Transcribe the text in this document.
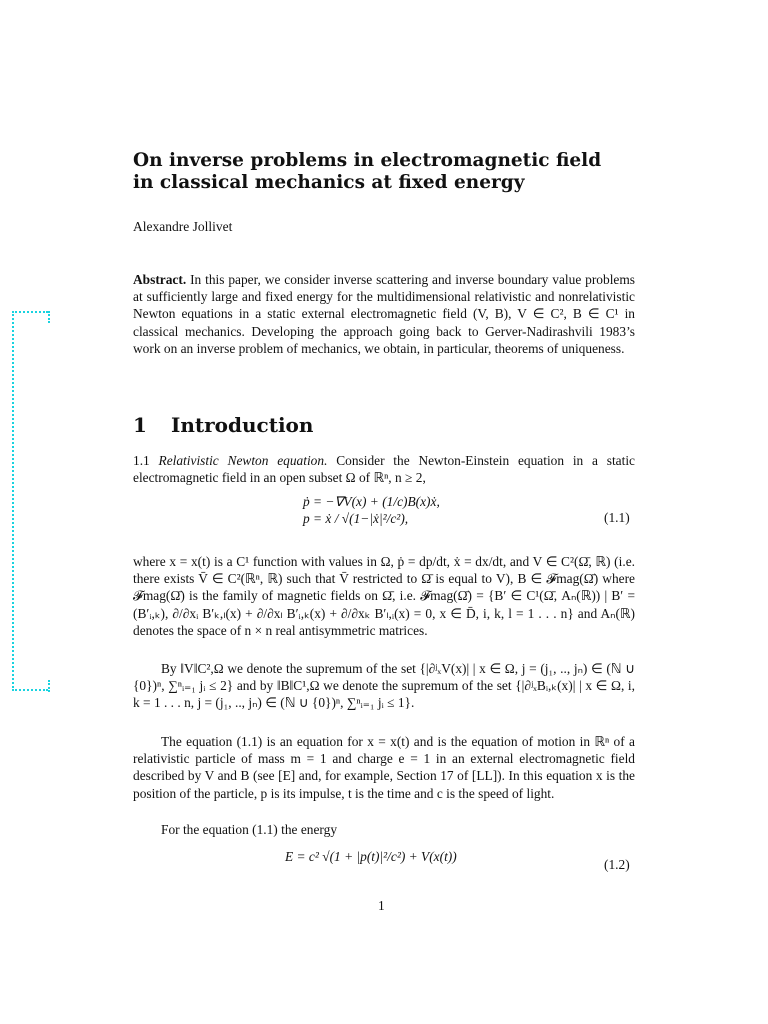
On inverse problems in electromagnetic field
in classical mechanics at fixed energy
Alexandre Jollivet
Abstract. In this paper, we consider inverse scattering and inverse boundary value problems at sufficiently large and fixed energy for the multidimensional relativistic and nonrelativistic Newton equations in a static external electromagnetic field (V, B), V ∈ C², B ∈ C¹ in classical mechanics. Developing the approach going back to Gerver-Nadirashvili 1983’s work on an inverse problem of mechanics, we obtain, in particular, theorems of uniqueness.
1 Introduction
1.1 Relativistic Newton equation. Consider the Newton-Einstein equation in a static electromagnetic field in an open subset Ω of ℝⁿ, n ≥ 2,
ṗ = −∇V(x) + (1/c)B(x)ẋ,
p = ẋ / √(1−|ẋ|²/c²),	(1.1)
where x = x(t) is a C¹ function with values in Ω, ṗ = dp/dt, ẋ = dx/dt, and V ∈ C²(Ω̄, ℝ) (i.e. there exists V̄ ∈ C²(ℝⁿ, ℝ) such that V̄ restricted to Ω̄ is equal to V), B ∈ 𝓕mag(Ω̄) where 𝓕mag(Ω̄) is the family of magnetic fields on Ω̄, i.e. 𝓕mag(Ω̄) = {B′ ∈ C¹(Ω̄, Aₙ(ℝ)) | B′ = (B′ᵢ,ₖ), ∂/∂xᵢ B′ₖ,ₗ(x) + ∂/∂xₗ B′ᵢ,ₖ(x) + ∂/∂xₖ B′ₗ,ᵢ(x) = 0, x ∈ D̄, i, k, l = 1 . . . n} and Aₙ(ℝ) denotes the space of n × n real antisymmetric matrices.
By ‖V‖C²,Ω we denote the supremum of the set {|∂ʲₓV(x)| | x ∈ Ω, j = (j₁, .., jₙ) ∈ (ℕ ∪ {0})ⁿ, ∑ⁿᵢ₌₁ jᵢ ≤ 2} and by ‖B‖C¹,Ω we denote the supremum of the set {|∂ʲₓBᵢ,ₖ(x)| | x ∈ Ω, i, k = 1 . . . n, j = (j₁, .., jₙ) ∈ (ℕ ∪ {0})ⁿ, ∑ⁿᵢ₌₁ jᵢ ≤ 1}.
The equation (1.1) is an equation for x = x(t) and is the equation of motion in ℝⁿ of a relativistic particle of mass m = 1 and charge e = 1 in an external electromagnetic field described by V and B (see [E] and, for example, Section 17 of [LL]). In this equation x is the position of the particle, p is its impulse, t is the time and c is the speed of light.
For the equation (1.1) the energy
E = c² √(1 + |p(t)|²/c²) + V(x(t))
(1.2)
1
